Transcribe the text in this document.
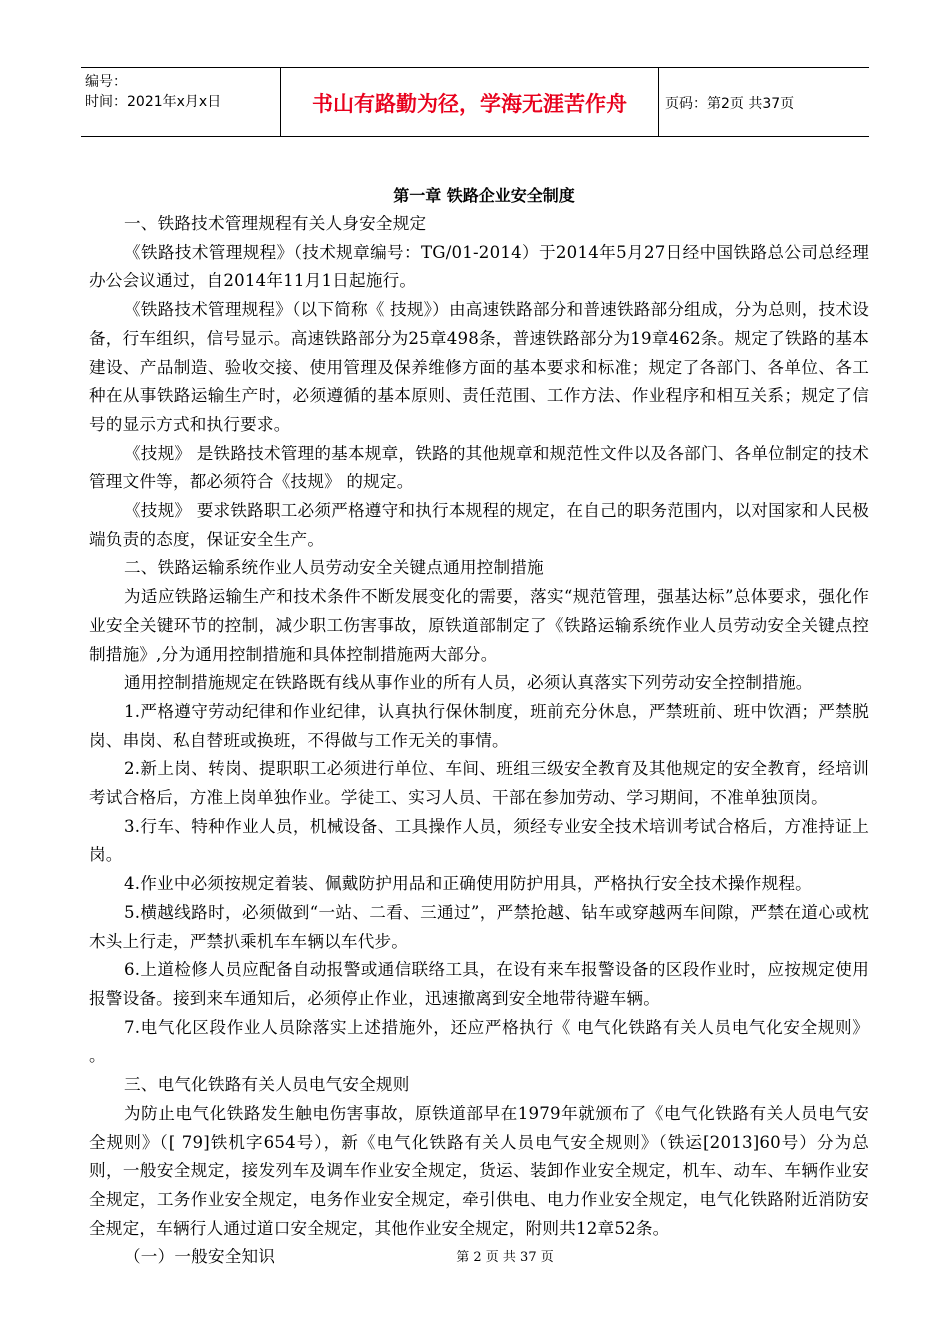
编号：
时间：2021年x月x日	书山有路勤为径，学海无涯苦作舟	页码：第2页 共37页
第一章 铁路企业安全制度

一、铁路技术管理规程有关人身安全规定

《铁路技术管理规程》（技术规章编号：TG/01-2014）于2014年5月27日经中国铁路总公司总经理办公会议通过，自2014年11月1日起施行。

《铁路技术管理规程》（以下简称《 技规》）由高速铁路部分和普速铁路部分组成，分为总则，技术设备，行车组织，信号显示。高速铁路部分为25章498条，普速铁路部分为19章462条。规定了铁路的基本建设、产品制造、验收交接、使用管理及保养维修方面的基本要求和标准；规定了各部门、各单位、各工种在从事铁路运输生产时，必须遵循的基本原则、责任范围、工作方法、作业程序和相互关系；规定了信号的显示方式和执行要求。

《技规》 是铁路技术管理的基本规章，铁路的其他规章和规范性文件以及各部门、各单位制定的技术管理文件等，都必须符合《技规》 的规定。

《技规》 要求铁路职工必须严格遵守和执行本规程的规定，在自己的职务范围内，以对国家和人民极端负责的态度，保证安全生产。

二、铁路运输系统作业人员劳动安全关键点通用控制措施

为适应铁路运输生产和技术条件不断发展变化的需要，落实“规范管理，强基达标”总体要求，强化作业安全关键环节的控制，减少职工伤害事故，原铁道部制定了《铁路运输系统作业人员劳动安全关键点控制措施》,分为通用控制措施和具体控制措施两大部分。

通用控制措施规定在铁路既有线从事作业的所有人员，必须认真落实下列劳动安全控制措施。

1.严格遵守劳动纪律和作业纪律，认真执行保休制度，班前充分休息，严禁班前、班中饮酒；严禁脱岗、串岗、私自替班或换班，不得做与工作无关的事情。

2.新上岗、转岗、提职职工必须进行单位、车间、班组三级安全教育及其他规定的安全教育，经培训考试合格后，方准上岗单独作业。学徒工、实习人员、干部在参加劳动、学习期间，不准单独顶岗。

3.行车、特种作业人员，机械设备、工具操作人员，须经专业安全技术培训考试合格后，方准持证上岗。

4.作业中必须按规定着装、佩戴防护用品和正确使用防护用具，严格执行安全技术操作规程。

5.横越线路时，必须做到“一站、二看、三通过”，严禁抢越、钻车或穿越两车间隙，严禁在道心或枕木头上行走，严禁扒乘机车车辆以车代步。

6.上道检修人员应配备自动报警或通信联络工具，在设有来车报警设备的区段作业时，应按规定使用报警设备。接到来车通知后，必须停止作业，迅速撤离到安全地带待避车辆。

7.电气化区段作业人员除落实上述措施外，还应严格执行《 电气化铁路有关人员电气化安全规则》 。

三、电气化铁路有关人员电气安全规则

为防止电气化铁路发生触电伤害事故，原铁道部早在1979年就颁布了《电气化铁路有关人员电气安全规则》（[ 79]铁机字654号），新《电气化铁路有关人员电气安全规则》（铁运[2013]60号）分为总则，一般安全规定，接发列车及调车作业安全规定，货运、装卸作业安全规定，机车、动车、车辆作业安全规定，工务作业安全规定，电务作业安全规定，牵引供电、电力作业安全规定，电气化铁路附近消防安全规定，车辆行人通过道口安全规定，其他作业安全规定，附则共12章52条。

（一）一般安全知识	第 2 页 共 37 页
